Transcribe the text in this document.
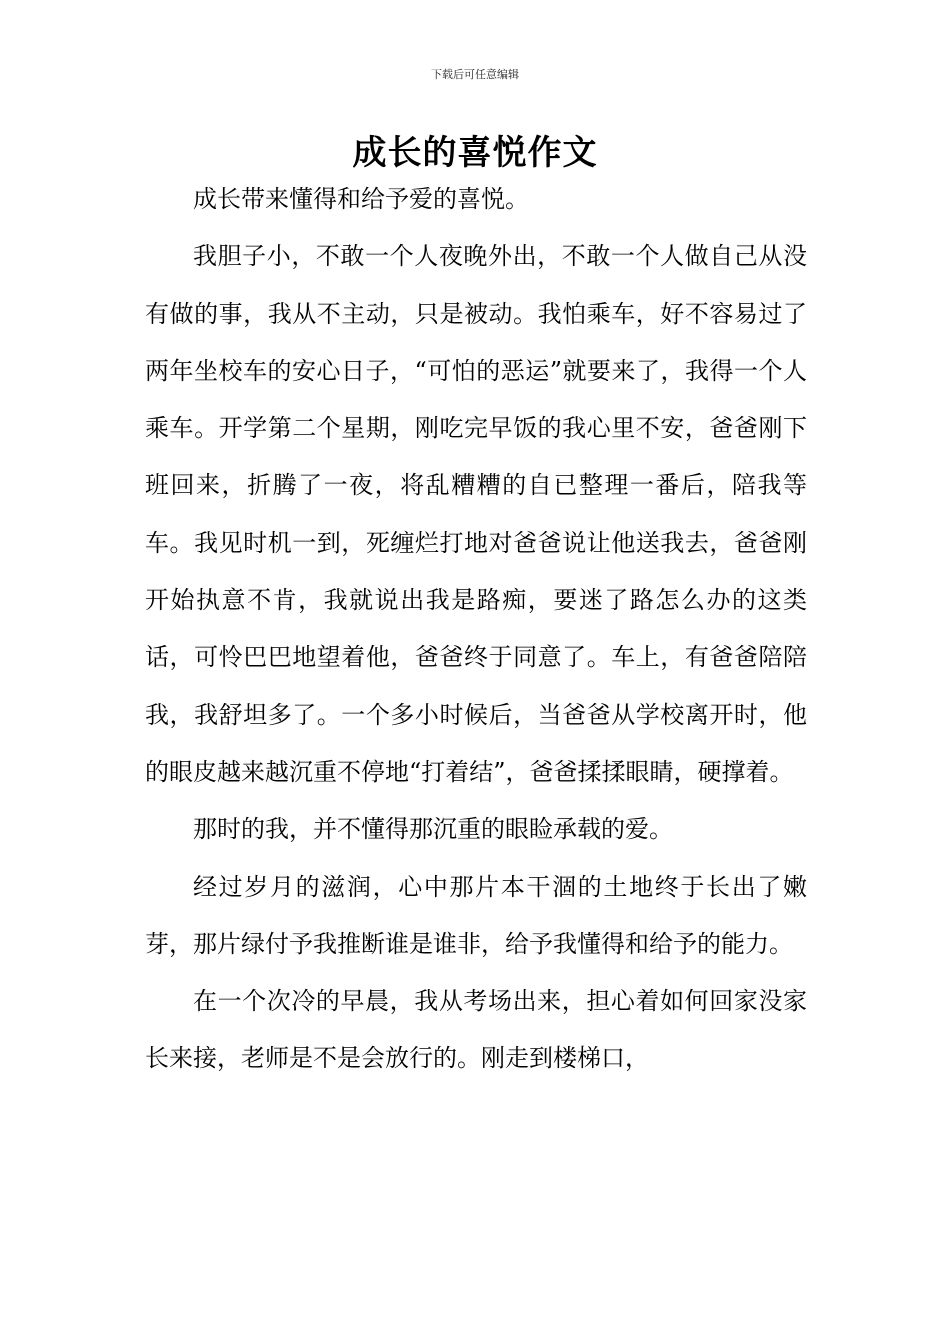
下载后可任意编辑
成长的喜悦作文

成长带来懂得和给予爱的喜悦。

我胆子小，不敢一个人夜晚外出，不敢一个人做自己从没有做的事，我从不主动，只是被动。我怕乘车，好不容易过了两年坐校车的安心日子，“可怕的恶运”就要来了，我得一个人乘车。开学第二个星期，刚吃完早饭的我心里不安，爸爸刚下班回来，折腾了一夜，将乱糟糟的自已整理一番后，陪我等车。我见时机一到，死缠烂打地对爸爸说让他送我去，爸爸刚开始执意不肯，我就说出我是路痴，要迷了路怎么办的这类话，可怜巴巴地望着他，爸爸终于同意了。车上，有爸爸陪陪我，我舒坦多了。一个多小时候后，当爸爸从学校离开时，他的眼皮越来越沉重不停地“打着结”，爸爸揉揉眼睛，硬撑着。

那时的我，并不懂得那沉重的眼睑承载的爱。

经过岁月的滋润，心中那片本干涸的土地终于长出了嫩芽，那片绿付予我推断谁是谁非，给予我懂得和给予的能力。

在一个次冷的早晨，我从考场出来，担心着如何回家没家长来接，老师是不是会放行的。刚走到楼梯口，
